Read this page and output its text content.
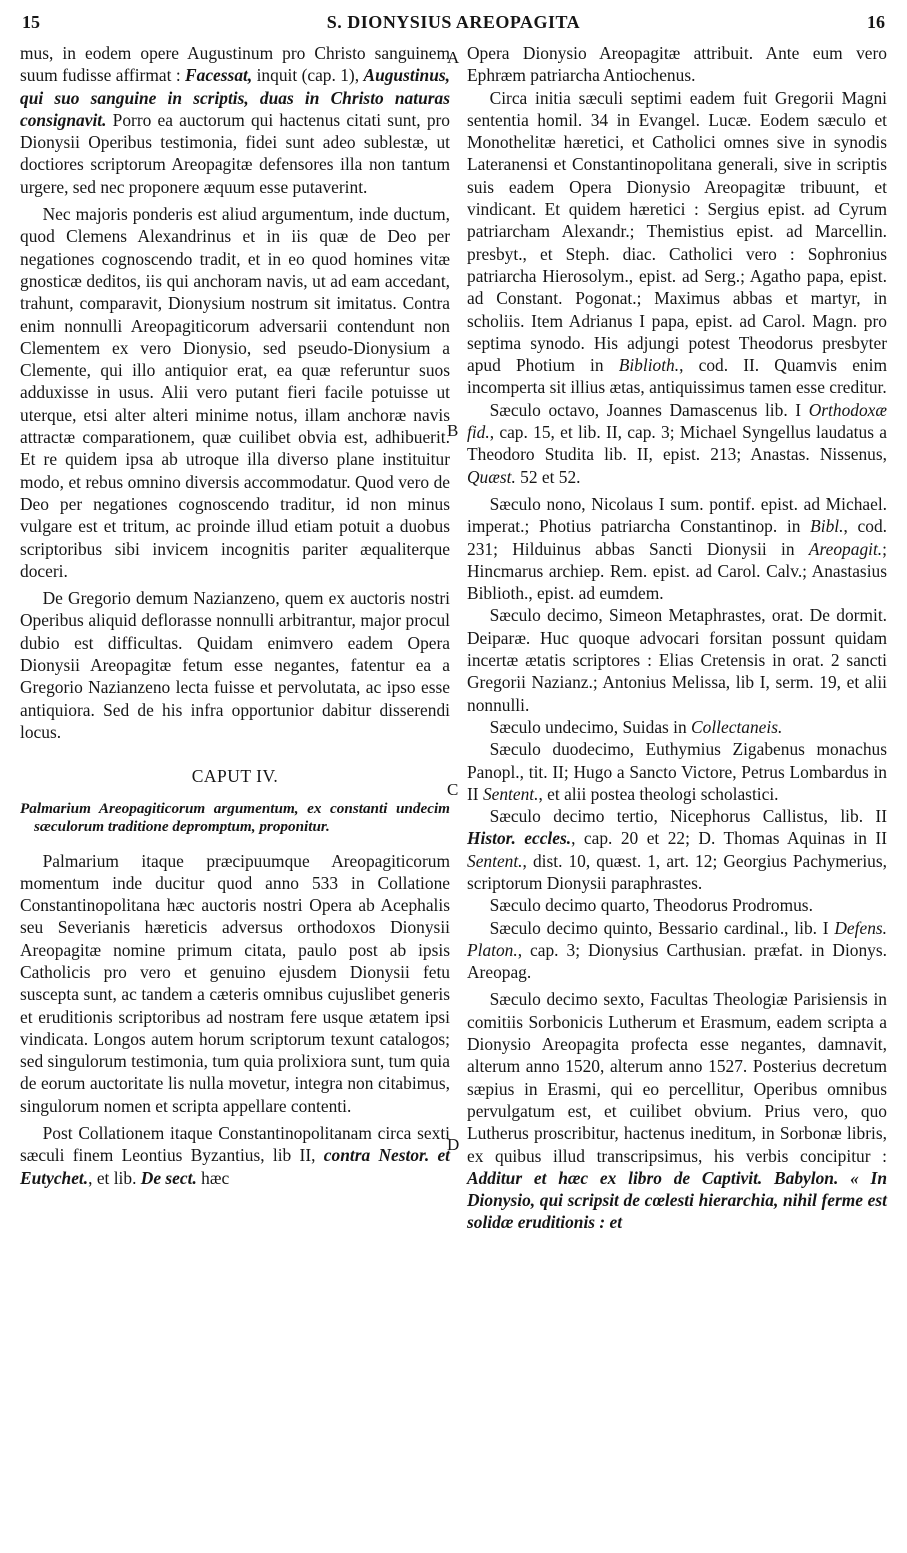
15	S. DIONYSIUS AREOPAGITA	16
A
B
C
D

mus, in eodem opere Augustinum pro Christo sanguinem suum fudisse affirmat : Facessat, inquit (cap. 1), Augustinus, qui suo sanguine in scriptis, duas in Christo naturas consignavit. Porro ea auctorum qui hactenus citati sunt, pro Dionysii Operibus testimonia, fidei sunt adeo sublestæ, ut doctiores scriptorum Areopagitæ defensores illa non tantum urgere, sed nec proponere æquum esse putaverint.

Nec majoris ponderis est aliud argumentum, inde ductum, quod Clemens Alexandrinus et in iis quæ de Deo per negationes cognoscendo tradit, et in eo quod homines vitæ gnosticæ deditos, iis qui anchoram navis, ut ad eam accedant, trahunt, comparavit, Dionysium nostrum sit imitatus. Contra enim nonnulli Areopagiticorum adversarii contendunt non Clementem ex vero Dionysio, sed pseudo-Dionysium a Clemente, qui illo antiquior erat, ea quæ referuntur suos adduxisse in usus. Alii vero putant fieri facile potuisse ut uterque, etsi alter alteri minime notus, illam anchoræ navis attractæ comparationem, quæ cuilibet obvia est, adhibuerit. Et re quidem ipsa ab utroque illa diverso plane instituitur modo, et rebus omnino diversis accommodatur. Quod vero de Deo per negationes cognoscendo traditur, id non minus vulgare est et tritum, ac proinde illud etiam potuit a duobus scriptoribus sibi invicem incognitis pariter æqualiterque doceri.

De Gregorio demum Nazianzeno, quem ex auctoris nostri Operibus aliquid deflorasse nonnulli arbitrantur, major procul dubio est difficultas. Quidam enimvero eadem Opera Dionysii Areopagitæ fetum esse negantes, fatentur ea a Gregorio Nazianzeno lecta fuisse et pervolutata, ac ipso esse antiquiora. Sed de his infra opportunior dabitur disserendi locus.

CAPUT IV.
Palmarium Areopagiticorum argumentum, ex constanti undecim sæculorum traditione depromptum, proponitur.

Palmarium itaque præcipuumque Areopagiticorum momentum inde ducitur quod anno 533 in Collatione Constantinopolitana hæc auctoris nostri Opera ab Acephalis seu Severianis hæreticis adversus orthodoxos Dionysii Areopagitæ nomine primum citata, paulo post ab ipsis Catholicis pro vero et genuino ejusdem Dionysii fetu suscepta sunt, ac tandem a cæteris omnibus cujuslibet generis et eruditionis scriptoribus ad nostram fere usque ætatem ipsi vindicata. Longos autem horum scriptorum texunt catalogos; sed singulorum testimonia, tum quia prolixiora sunt, tum quia de eorum auctoritate lis nulla movetur, integra non citabimus, singulorum nomen et scripta appellare contenti.

Post Collationem itaque Constantinopolitanam circa sexti sæculi finem Leontius Byzantius, lib II, contra Nestor. et Eutychet., et lib. De sect. hæc

Opera Dionysio Areopagitæ attribuit. Ante eum vero Ephræm patriarcha Antiochenus.

Circa initia sæculi septimi eadem fuit Gregorii Magni sententia homil. 34 in Evangel. Lucæ. Eodem sæculo et Monothelitæ hæretici, et Catholici omnes sive in synodis Lateranensi et Constantinopolitana generali, sive in scriptis suis eadem Opera Dionysio Areopagitæ tribuunt, et vindicant. Et quidem hæretici : Sergius epist. ad Cyrum patriarcham Alexandr.; Themistius epist. ad Marcellin. presbyt., et Steph. diac. Catholici vero : Sophronius patriarcha Hierosolym., epist. ad Serg.; Agatho papa, epist. ad Constant. Pogonat.; Maximus abbas et martyr, in scholiis. Item Adrianus I papa, epist. ad Carol. Magn. pro septima synodo. His adjungi potest Theodorus presbyter apud Photium in Biblioth., cod. II. Quamvis enim incomperta sit illius ætas, antiquissimus tamen esse creditur.

Sæculo octavo, Joannes Damascenus lib. I Orthodoxæ fid., cap. 15, et lib. II, cap. 3; Michael Syngellus laudatus a Theodoro Studita lib. II, epist. 213; Anastas. Nissenus, Quæst. 52 et 52.

Sæculo nono, Nicolaus I sum. pontif. epist. ad Michael. imperat.; Photius patriarcha Constantinop. in Bibl., cod. 231; Hilduinus abbas Sancti Dionysii in Areopagit.; Hincmarus archiep. Rem. epist. ad Carol. Calv.; Anastasius Biblioth., epist. ad eumdem.

Sæculo decimo, Simeon Metaphrastes, orat. De dormit. Deiparæ. Huc quoque advocari forsitan possunt quidam incertæ ætatis scriptores : Elias Cretensis in orat. 2 sancti Gregorii Nazianz.; Antonius Melissa, lib I, serm. 19, et alii nonnulli.

Sæculo undecimo, Suidas in Collectaneis.

Sæculo duodecimo, Euthymius Zigabenus monachus Panopl., tit. II; Hugo a Sancto Victore, Petrus Lombardus in II Sentent., et alii postea theologi scholastici.

Sæculo decimo tertio, Nicephorus Callistus, lib. II Histor. eccles., cap. 20 et 22; D. Thomas Aquinas in II Sentent., dist. 10, quæst. 1, art. 12; Georgius Pachymerius, scriptorum Dionysii paraphrastes.

Sæculo decimo quarto, Theodorus Prodromus.

Sæculo decimo quinto, Bessario cardinal., lib. I Defens. Platon., cap. 3; Dionysius Carthusian. præfat. in Dionys. Areopag.

Sæculo decimo sexto, Facultas Theologiæ Parisiensis in comitiis Sorbonicis Lutherum et Erasmum, eadem scripta a Dionysio Areopagita profecta esse negantes, damnavit, alterum anno 1520, alterum anno 1527. Posterius decretum sæpius in Erasmi, qui eo percellitur, Operibus omnibus pervulgatum est, et cuilibet obvium. Prius vero, quo Lutherus proscribitur, hactenus ineditum, in Sorbonæ libris, ex quibus illud transcripsimus, his verbis concipitur : Additur et hæc ex libro de Captivit. Babylon. « In Dionysio, qui scripsit de cœlesti hierarchia, nihil ferme est solidæ eruditionis : et
